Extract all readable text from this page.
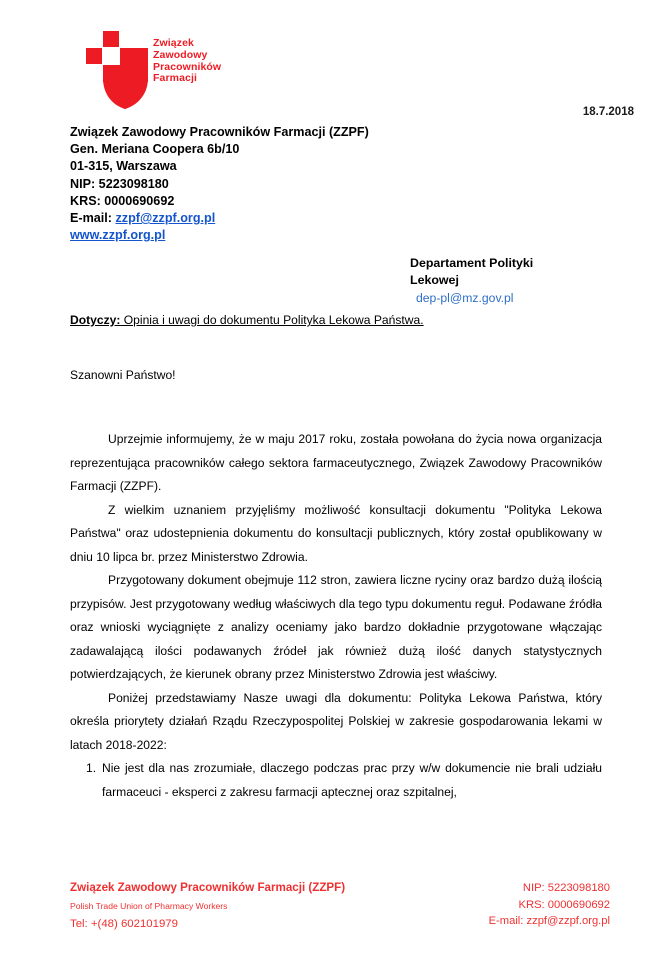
Związek
Zawodowy
Pracowników
Farmacji
18.7.2018
Związek Zawodowy Pracowników Farmacji (ZZPF)
Gen. Meriana Coopera 6b/10
01-315, Warszawa
NIP: 5223098180
KRS: 0000690692
E-mail: zzpf@zzpf.org.pl
www.zzpf.org.pl
Departament Polityki
Lekowej
dep-pl@mz.gov.pl
Dotyczy: Opinia i uwagi do dokumentu Polityka Lekowa Państwa.
Szanowni Państwo!

Uprzejmie informujemy, że w maju 2017 roku, została powołana do życia nowa organizacja reprezentująca pracowników całego sektora farmaceutycznego, Związek Zawodowy Pracowników Farmacji (ZZPF).

Z wielkim uznaniem przyjęliśmy możliwość konsultacji dokumentu "Polityka Lekowa Państwa" oraz udostepnienia dokumentu do konsultacji publicznych, który został opublikowany w dniu 10 lipca br. przez Ministerstwo Zdrowia.

Przygotowany dokument obejmuje 112 stron, zawiera liczne ryciny oraz bardzo dużą ilością przypisów. Jest przygotowany według właściwych dla tego typu dokumentu reguł. Podawane źródła oraz wnioski wyciągnięte z analizy oceniamy jako bardzo dokładnie przygotowane włączając zadawalającą ilości podawanych źródeł jak również dużą ilość danych statystycznych potwierdzających, że kierunek obrany przez Ministerstwo Zdrowia jest właściwy.

Poniżej przedstawiamy Nasze uwagi dla dokumentu: Polityka Lekowa Państwa, który określa priorytety działań Rządu Rzeczypospolitej Polskiej w zakresie gospodarowania lekami w latach 2018-2022:

Nie jest dla nas zrozumiałe, dlaczego podczas prac przy w/w dokumencie nie brali udziału farmaceuci - eksperci z zakresu farmacji aptecznej oraz szpitalnej,
Związek Zawodowy Pracowników Farmacji (ZZPF)
Polish Trade Union of Pharmacy Workers
Tel: +(48) 602101979
NIP: 5223098180
KRS: 0000690692
E-mail: zzpf@zzpf.org.pl
